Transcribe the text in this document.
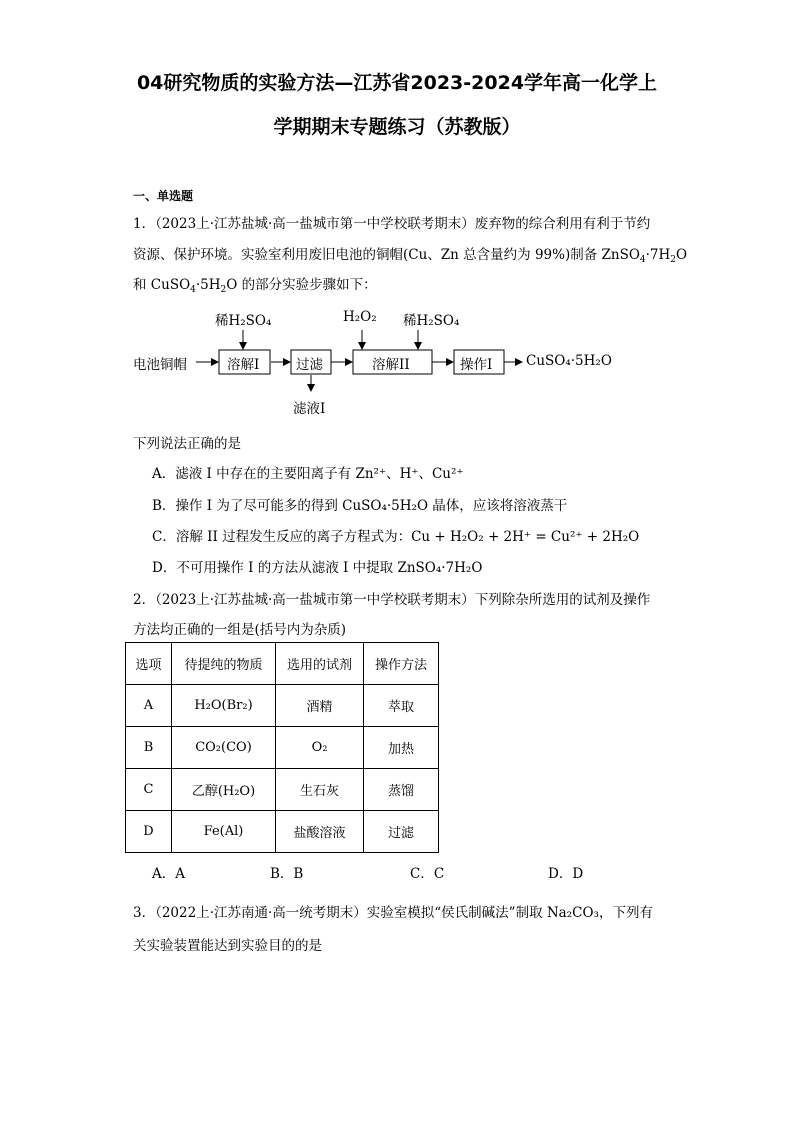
04研究物质的实验方法—江苏省2023-2024学年高一化学上
学期期末专题练习（苏教版）
一、单选题
1．（2023上·江苏盐城·高一盐城市第一中学校联考期末）废弃物的综合利用有利于节约
资源、保护环境。实验室利用废旧电池的铜帽(Cu、Zn 总含量约为 99%)制备 $ZnSO_4\cdot 7H_2O$
和 $CuSO_4\cdot 5H_2O$ 的部分实验步骤如下：
稀H₂SO₄	H₂O₂ 稀H₂SO₄
电池铜帽	溶解I	过滤	溶解II	操作I CuSO₄·5H₂O
滤液I
下列说法正确的是
A．滤液 I 中存在的主要阳离子有 Zn²⁺、H⁺、Cu²⁺
B．操作 I 为了尽可能多的得到 CuSO₄·5H₂O 晶体，应该将溶液蒸干
C．溶解 II 过程发生反应的离子方程式为：Cu + H₂O₂ + 2H⁺ = Cu²⁺ + 2H₂O
D．不可用操作 I 的方法从滤液 I 中提取 ZnSO₄·7H₂O
2．（2023上·江苏盐城·高一盐城市第一中学校联考期末）下列除杂所选用的试剂及操作
方法均正确的一组是(括号内为杂质)
选项	待提纯的物质	选用的试剂	操作方法
A	H₂O(Br₂)	酒精	萃取
B	CO₂(CO)	O₂	加热
C	乙醇(H₂O)	生石灰	蒸馏
D	Fe(Al)	盐酸溶液	过滤
A．A	B．B	C．C	D．D
3．（2022上·江苏南通·高一统考期末）实验室模拟“侯氏制碱法”制取 Na₂CO₃，下列有
关实验装置能达到实验目的的是
